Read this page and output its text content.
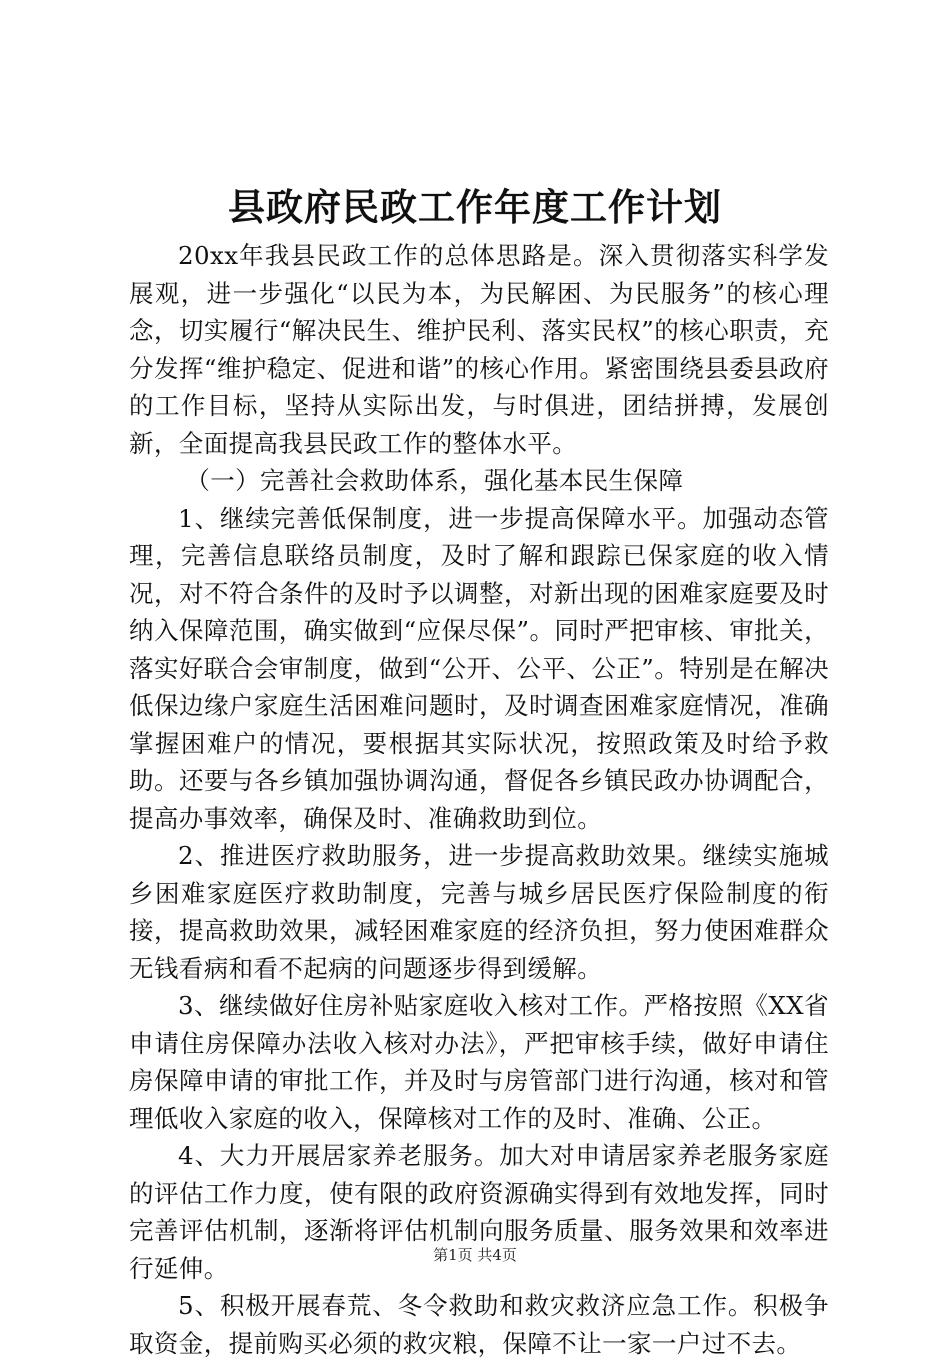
县政府民政工作年度工作计划

20xx年我县民政工作的总体思路是。深入贯彻落实科学发展观，进一步强化“以民为本，为民解困、为民服务”的核心理念，切实履行“解决民生、维护民利、落实民权”的核心职责，充分发挥“维护稳定、促进和谐”的核心作用。紧密围绕县委县政府的工作目标，坚持从实际出发，与时俱进，团结拼搏，发展创新，全面提高我县民政工作的整体水平。

（一）完善社会救助体系，强化基本民生保障

1、继续完善低保制度，进一步提高保障水平。加强动态管理，完善信息联络员制度，及时了解和跟踪已保家庭的收入情况，对不符合条件的及时予以调整，对新出现的困难家庭要及时纳入保障范围，确实做到“应保尽保”。同时严把审核、审批关，落实好联合会审制度，做到“公开、公平、公正”。特别是在解决低保边缘户家庭生活困难问题时，及时调查困难家庭情况，准确掌握困难户的情况，要根据其实际状况，按照政策及时给予救助。还要与各乡镇加强协调沟通，督促各乡镇民政办协调配合，提高办事效率，确保及时、准确救助到位。

2、推进医疗救助服务，进一步提高救助效果。继续实施城乡困难家庭医疗救助制度，完善与城乡居民医疗保险制度的衔接，提高救助效果，减轻困难家庭的经济负担，努力使困难群众无钱看病和看不起病的问题逐步得到缓解。

3、继续做好住房补贴家庭收入核对工作。严格按照《XX省申请住房保障办法收入核对办法》，严把审核手续，做好申请住房保障申请的审批工作，并及时与房管部门进行沟通，核对和管理低收入家庭的收入，保障核对工作的及时、准确、公正。

4、大力开展居家养老服务。加大对申请居家养老服务家庭的评估工作力度，使有限的政府资源确实得到有效地发挥，同时完善评估机制，逐渐将评估机制向服务质量、服务效果和效率进行延伸。

5、积极开展春荒、冬令救助和救灾救济应急工作。积极争取资金，提前购买必须的救灾粮，保障不让一家一户过不去。

第1页 共4页
